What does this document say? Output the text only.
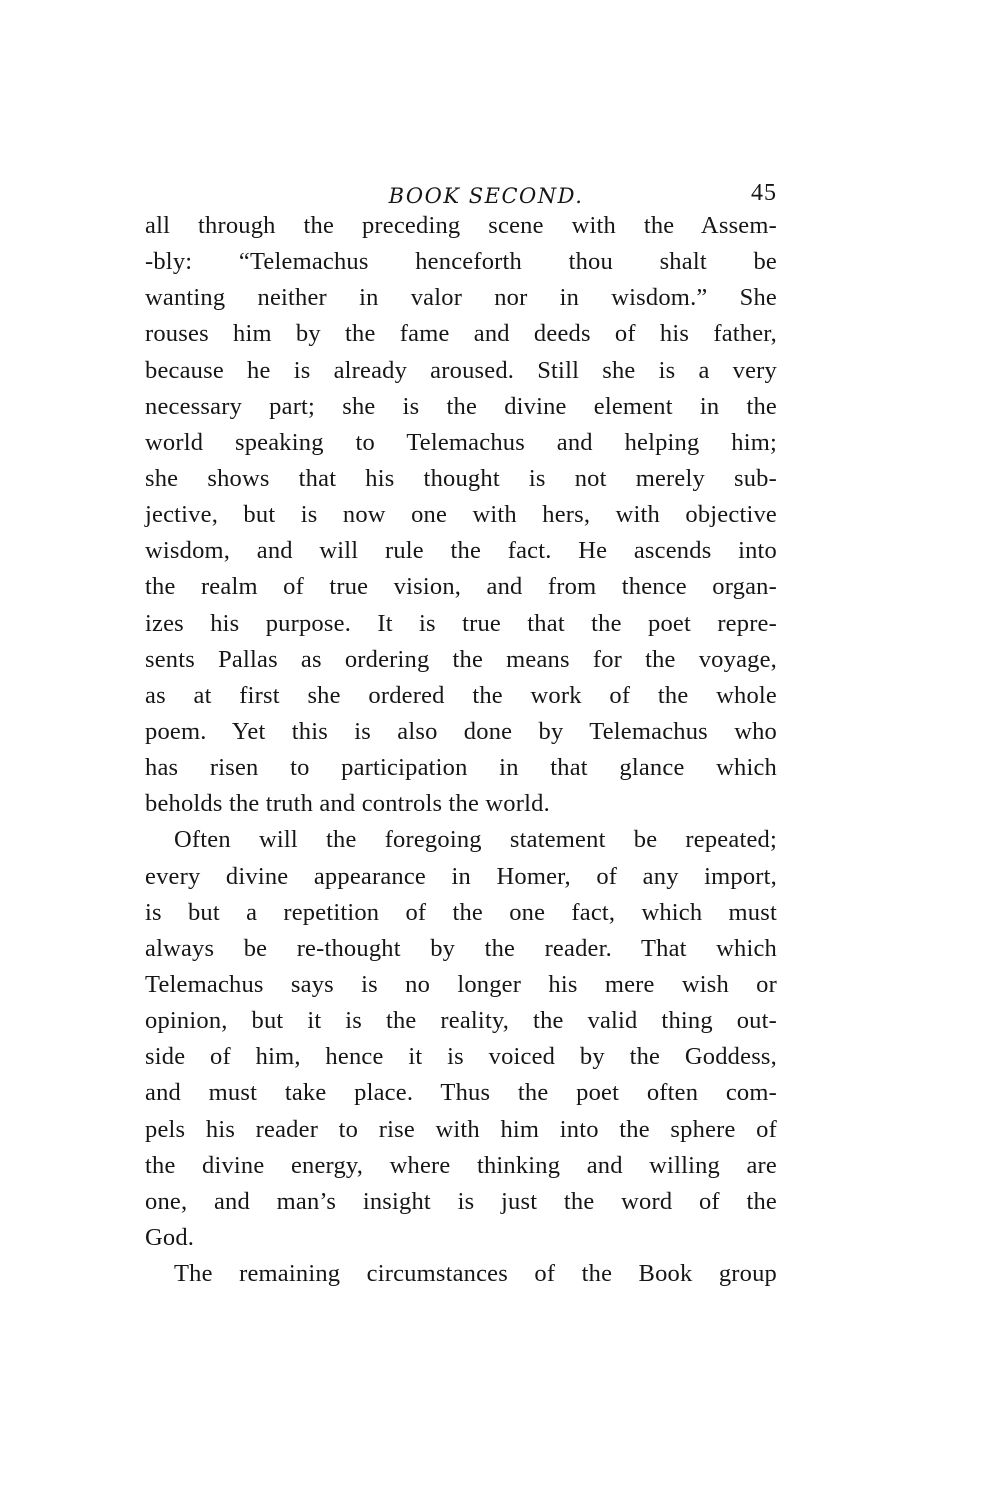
BOOK SECOND.	45
all through the preceding scene with the Assem-
-bly: “Telemachus henceforth thou shalt be
wanting neither in valor nor in wisdom.” She
rouses him by the fame and deeds of his father,
because he is already aroused. Still she is a very
necessary part; she is the divine element in the
world speaking to Telemachus and helping him;
she shows that his thought is not merely sub-
jective, but is now one with hers, with objective
wisdom, and will rule the fact. He ascends into
the realm of true vision, and from thence organ-
izes his purpose. It is true that the poet repre-
sents Pallas as ordering the means for the voyage,
as at first she ordered the work of the whole
poem. Yet this is also done by Telemachus who
has risen to participation in that glance which
beholds the truth and controls the world.
Often will the foregoing statement be repeated;
every divine appearance in Homer, of any import,
is but a repetition of the one fact, which must
always be re-thought by the reader. That which
Telemachus says is no longer his mere wish or
opinion, but it is the reality, the valid thing out-
side of him, hence it is voiced by the Goddess,
and must take place. Thus the poet often com-
pels his reader to rise with him into the sphere of
the divine energy, where thinking and willing are
one, and man’s insight is just the word of the
God.
The remaining circumstances of the Book group
